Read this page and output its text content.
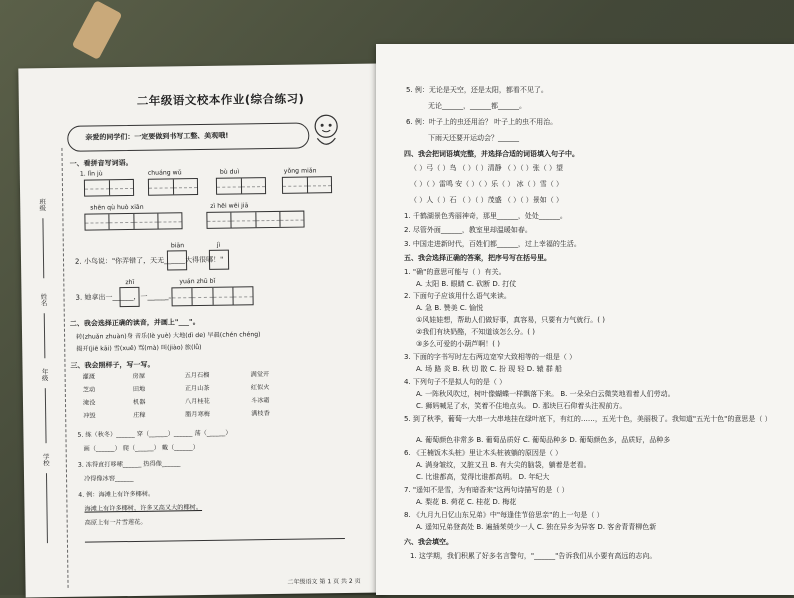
二年级语文校本作业(综合练习)
亲爱的同学们：一定要做到书写工整、美观哦!
班级
姓名
年级
学校
一、看拼音写词语。
1. lǐn jù	chuáng wǔ	bù duì	yǒng miǎn
shēn qù huò xiān	zì hēi wēi jiā
biān	jì
2. 小鸟说："你弄错了，天无______大得很哪！"
zhī	yuán zhū bǐ
3. 她拿出一______，一______。
二、我会选择正确的读音，并画上"___"。
转(zhuǎn zhuàn)身 音乐(lè yuè) 大地(dì de) 早晨(chén chéng)
揭开(jiē kāi) 雪(xuě) 骂(mà) 叫(jiào) 旅(lǚ)
三、我会照样子，写一写。
灌溉	房屋	五月石榴	满堂开
芝动	田地	正月山茶	红似火
淹没	机器	八月桂花	斗冰霜
冲毁	庄稼	腊月寒梅	满枝香
5. 练（秋冬）______ 穿（______）______ 荡（______）
画（______） 爬（______） 戴（______）
3. 冻得直打哆嗦______ 热得像______
冷得像冰窖______
4. 例：海滩上有许多椰树。
海滩上有许多椰树，许多又高又大的椰树。
高原上有一片雪莲花。
二年级语文 第 1 页 共 2 页
5. 例：无论是天空，还是太阳，都看不见了。
无论______，______都______。
6. 例：叶子上的虫还用治？ 叶子上的虫不用治。
下雨天还要开运动会？______
四、我会把词语填完整，并选择合适的词语填入句子中。
（ ）弓（ ）鸟 （ ）（ ）清静 （ ）（ ）张（ ）望
（ ）（ ）雷鸣 安（ ）（ ）乐（ ） 冰（ ）雪（ ）
（ ）人（ ）石 （ ）（ ）茂盛 （ ）（ ）景如（ ）
1. 千鹤湖景色秀丽神奇，那里______，处处______。
2. 尽管外面______，教室里却温暖如春。
3. 中国走进新时代，百姓们都______，过上幸福的生活。
五、我会选择正确的答案，把序号写在括号里。
1. "确"的意思可能与（ ）有关。
A. 太阳 B. 眼睛 C. 砍断 D. 打仗
2. 下面句子应该用什么语气来读。
A. 急 B. 赞美 C. 愉悦
①风娃娃想，帮助人们做好事，真容易，只要有力气就行。( )
②我们有块奶酪，不知道该怎么分。( )
③多么可爱的小葫芦啊！( )
3. 下面的字书写时左右两边宽窄大致相等的一组是（ ）
A. 场 路 炎 B. 秋 切 散 C. 扮 现 轻 D. 辕 群 船
4. 下列句子不是拟人句的是（ ）
A. 一阵秋风吹过，树叶像蝴蝶一样飘落下来。 B. 一朵朵白云微笑地看着人们劳动。
C. 狮妈喊足了水，笑着不住地点头。 D. 那块巨石仰着头注视前方。
5. 到了秋季，葡萄一大串一大串地挂在绿叶底下，有红的……，五光十色，美丽极了。我知道"五光十色"的意思是（ ）
A. 葡萄颜色非常多 B. 葡萄品质好 C. 葡萄品种多 D. 葡萄颜色多，品质好，品种多
6. 《王楠饭木头桩》里让木头桩被躺的原因是（ ）
A. 满身皱纹，又脏又丑 B. 有大尖的脑袋，躺着是老看。
C. 比谁都高，觉得比谁都高明。 D. 年纪大
7. "遥知不是雪，为有暗香来"这两句诗描写的是（ ）
A. 梨花 B. 荷花 C. 桂花 D. 梅花
8. 《九月九日忆山东兄弟》中"每逢佳节倍思亲"的上一句是（ ）
A. 遥知兄弟登高处 B. 遍插茱萸少一人 C. 独在异乡为异客 D. 客舍青青柳色新
六、我会填空。
1. 这学期，我们积累了好多名言警句，"______"告诉我们从小要有高远的志向。
